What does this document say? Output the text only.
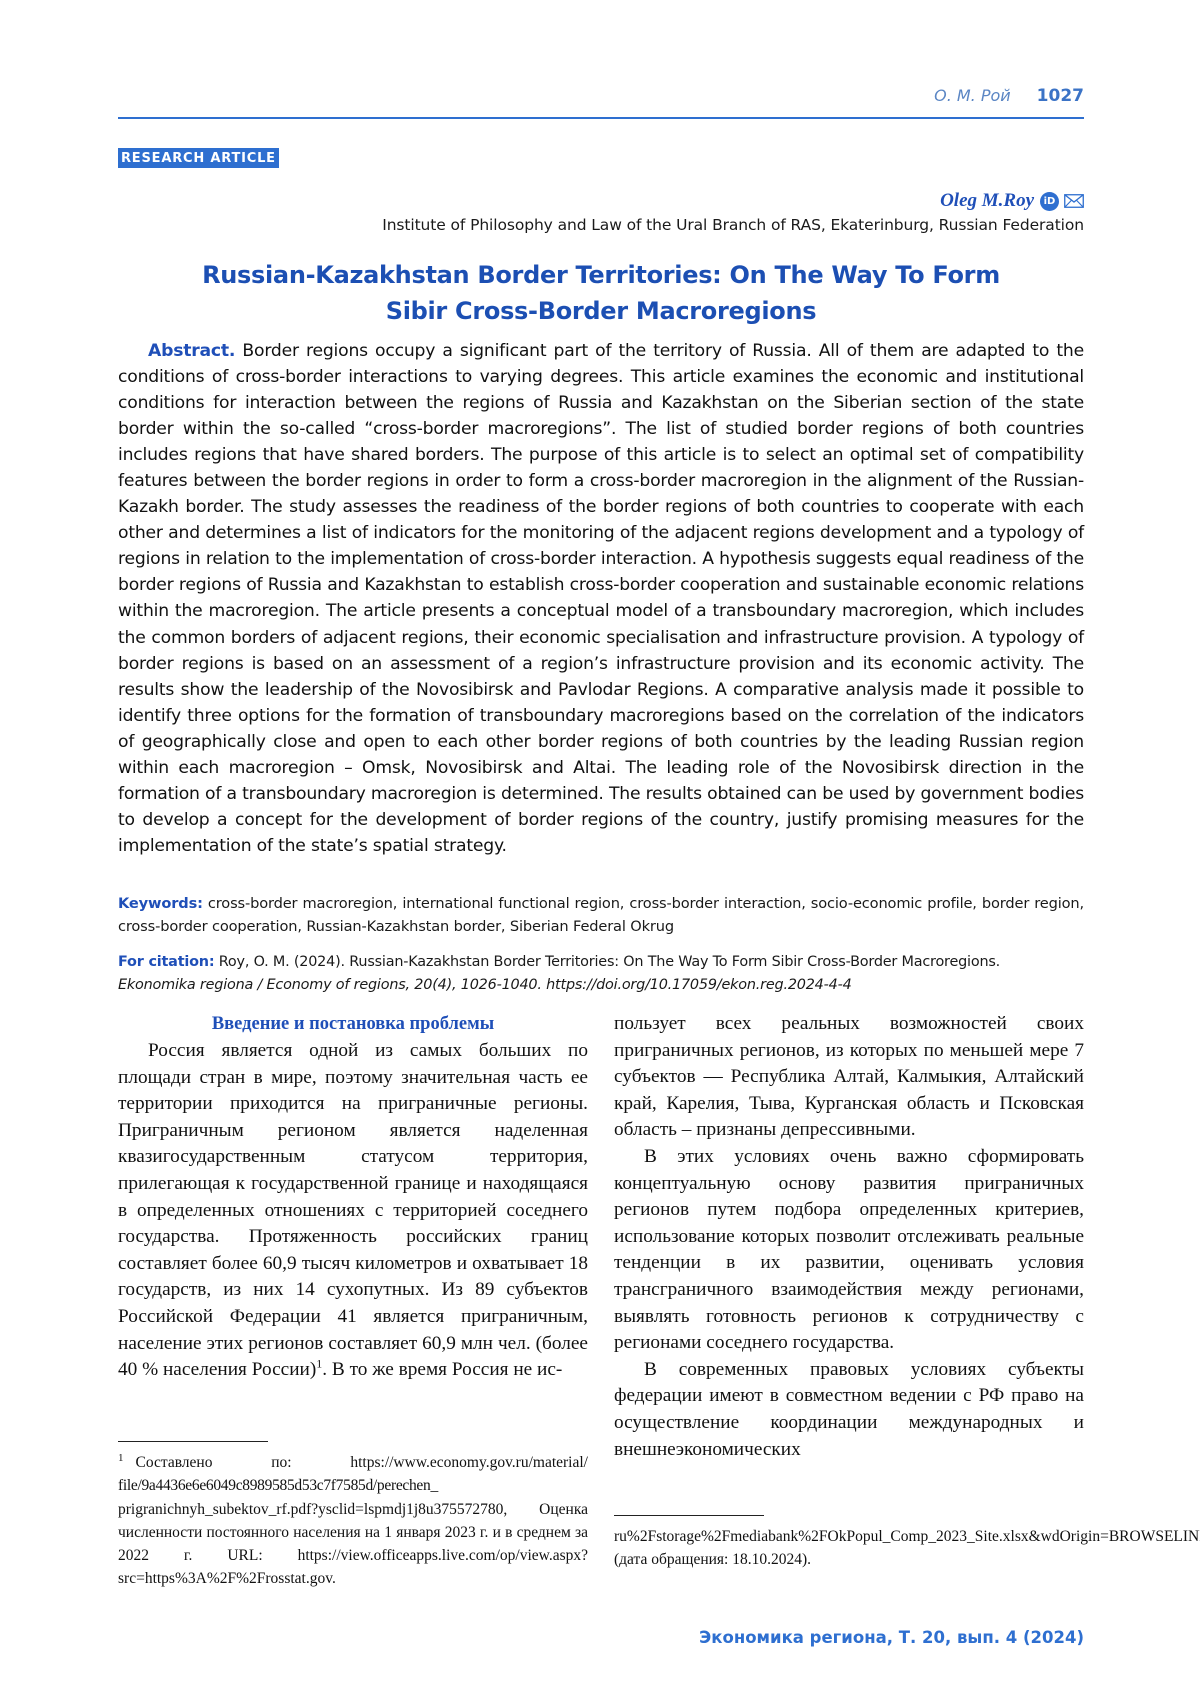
О. М. Рой 1027
RESEARCH ARTICLE
Oleg M.Roy iD
Institute of Philosophy and Law of the Ural Branch of RAS, Ekaterinburg, Russian Federation
Russian-Kazakhstan Border Territories: On The Way To Form
Sibir Cross-Border Macroregions
Abstract. Border regions occupy a significant part of the territory of Russia. All of them are adapted to the conditions of cross-border interactions to varying degrees. This article examines the economic and institutional conditions for interaction between the regions of Russia and Kazakhstan on the Siberian section of the state border within the so-called “cross-border macroregions”. The list of studied border regions of both countries includes regions that have shared borders. The purpose of this article is to select an optimal set of compatibility features between the border regions in order to form a cross-border macroregion in the alignment of the Russian-Kazakh border. The study assesses the readiness of the border regions of both countries to cooperate with each other and determines a list of indicators for the monitoring of the adjacent regions development and a typology of regions in relation to the implementation of cross-border interaction. A hypothesis suggests equal readiness of the border regions of Russia and Kazakhstan to establish cross-border cooperation and sustainable economic relations within the macroregion. The article presents a conceptual model of a transboundary macroregion, which includes the common borders of adjacent regions, their economic specialisation and infrastructure provision. A typology of border regions is based on an assessment of a region’s infrastructure provision and its economic activity. The results show the leadership of the Novosibirsk and Pavlodar Regions. A comparative analysis made it possible to identify three options for the formation of transboundary macroregions based on the correlation of the indicators of geographically close and open to each other border regions of both countries by the leading Russian region within each macroregion – Omsk, Novosibirsk and Altai. The leading role of the Novosibirsk direction in the formation of a transboundary macroregion is determined. The results obtained can be used by government bodies to develop a concept for the development of border regions of the country, justify promising measures for the implementation of the state’s spatial strategy.
Keywords: cross-border macroregion, international functional region, cross-border interaction, socio-economic profile, border region, cross-border cooperation, Russian-Kazakhstan border, Siberian Federal Okrug
For citation: Roy, O. M. (2024). Russian-Kazakhstan Border Territories: On The Way To Form Sibir Cross-Border Macroregions.
Ekonomika regiona / Economy of regions, 20(4), 1026-1040. https://doi.org/10.17059/ekon.reg.2024-4-4
Введение и постановка проблемы

Россия является одной из самых больших по площади стран в мире, поэтому значительная часть ее территории приходится на приграничные регионы. Приграничным регионом является наделенная квазигосударственным статусом территория, прилегающая к государственной границе и находящаяся в определенных отношениях с территорией соседнего государства. Протяженность российских границ составляет более 60,9 тысяч километров и охватывает 18 государств, из них 14 сухопутных. Из 89 субъектов Российской Федерации 41 является приграничным, население этих регионов составляет 60,9 млн чел. (более 40 % населения России)1. В то же время Россия не ис-

пользует всех реальных возможностей своих приграничных регионов, из которых по меньшей мере 7 субъектов — Республика Алтай, Калмыкия, Алтайский край, Карелия, Тыва, Курганская область и Псковская область – признаны депрессивными.

В этих условиях очень важно сформировать концептуальную основу развития приграничных регионов путем подбора определенных критериев, использование которых позволит отслеживать реальные тенденции в их развитии, оценивать условия трансграничного взаимодействия между регионами, выявлять готовность регионов к сотрудничеству с регионами соседнего государства.

В современных правовых условиях субъекты федерации имеют в совместном ведении с РФ право на осуществление координации международных и внешнеэкономических

1 Составлено по: https://www.economy.gov.ru/material/ file/9a4436e6e6049c8989585d53c7f7585d/perechen_ prigranichnyh_subektov_rf.pdf?ysclid=lspmdj1j8u375572780, Оценка численности постоянного населения на 1 января 2023 г. и в среднем за 2022 г. URL: https://view.officeapps.live.com/op/view.aspx?src=https%3A%2F%2Frosstat.gov.
ru%2Fstorage%2Fmediabank%2FOkPopul_Comp_2023_Site.xlsx&wdOrigin=BROWSELINK (дата обращения: 18.10.2024).
Экономика региона, Т. 20, вып. 4 (2024)
